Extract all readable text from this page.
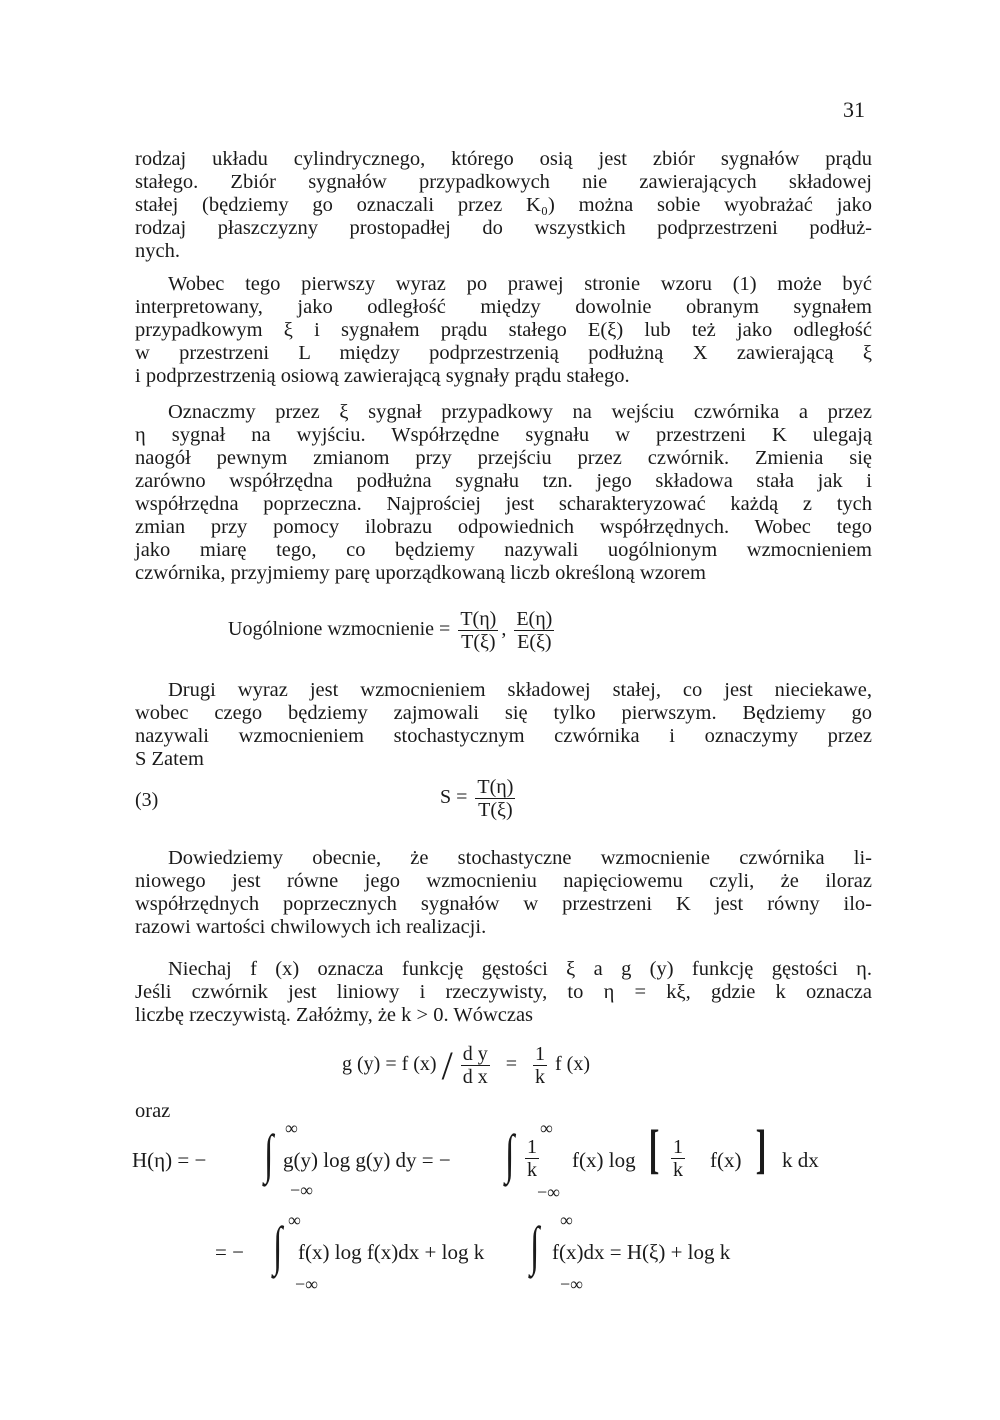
31
rodzaj układu cylindrycznego, którego osią jest zbiór sygnałów prądu
stałego. Zbiór sygnałów przypadkowych nie zawierających składowej
stałej (będziemy go oznaczali przez K₀) można sobie wyobrażać jako
rodzaj płaszczyzny prostopadłej do wszystkich podprzestrzeni podłuż-
nych.
Wobec tego pierwszy wyraz po prawej stronie wzoru (1) może być
interpretowany, jako odległość między dowolnie obranym sygnałem
przypadkowym ξ i sygnałem prądu stałego E(ξ) lub też jako odległość
w przestrzeni L między podprzestrzenią podłużną X zawierającą ξ
i podprzestrzenią osiową zawierającą sygnały prądu stałego.
Oznaczmy przez ξ sygnał przypadkowy na wejściu czwórnika a przez
η sygnał na wyjściu. Współrzędne sygnału w przestrzeni K ulegają
naogół pewnym zmianom przy przejściu przez czwórnik. Zmienia się
zarówno współrzędna podłużna sygnału tzn. jego składowa stała jak i
współrzędna poprzeczna. Najprościej jest scharakteryzować każdą z tych
zmian przy pomocy ilobrazu odpowiednich współrzędnych. Wobec tego
jako miarę tego, co będziemy nazywali uogólnionym wzmocnieniem
czwórnika, przyjmiemy parę uporządkowaną liczb określoną wzorem
Uogólnione wzmocnienie = $\frac{T(\eta)}{T(\xi)}$ , $\frac{E(\eta)}{E(\xi)}$
Drugi wyraz jest wzmocnieniem składowej stałej, co jest nieciekawe,
wobec czego będziemy zajmowali się tylko pierwszym. Będziemy go
nazywali wzmocnieniem stochastycznym czwórnika i oznaczymy przez
S Zatem
(3)	$S = \frac{T(\eta)}{T(\xi)}$
Dowiedziemy obecnie, że stochastyczne wzmocnienie czwórnika li-
niowego jest równe jego wzmocnieniu napięciowemu czyli, że iloraz
współrzędnych poprzecznych sygnałów w przestrzeni K jest równy ilo-
razowi wartości chwilowych ich realizacji.
Niechaj f (x) oznacza funkcję gęstości ξ a g (y) funkcję gęstości η.
Jeśli czwórnik jest liniowy i rzeczywisty, to η = kξ, gdzie k oznacza
liczbę rzeczywistą. Załóżmy, że k > 0. Wówczas
g (y) = f $(x) / \frac{\text{d y}}{\text{d x}} = \frac{1}{k}$ f (x)
oraz
H(η) = −
∞
∫
−∞
g(y) log g(y) dy = −
∞
∫
−∞
$\frac{1}{k} f(x)$ log [ $\frac{1}{k} f(x)$ ] k dx
= −
∞
∫
−∞
f(x) log f(x)dx + log k
∞
∫
−∞
f(x)dx = H(ξ) + log k
